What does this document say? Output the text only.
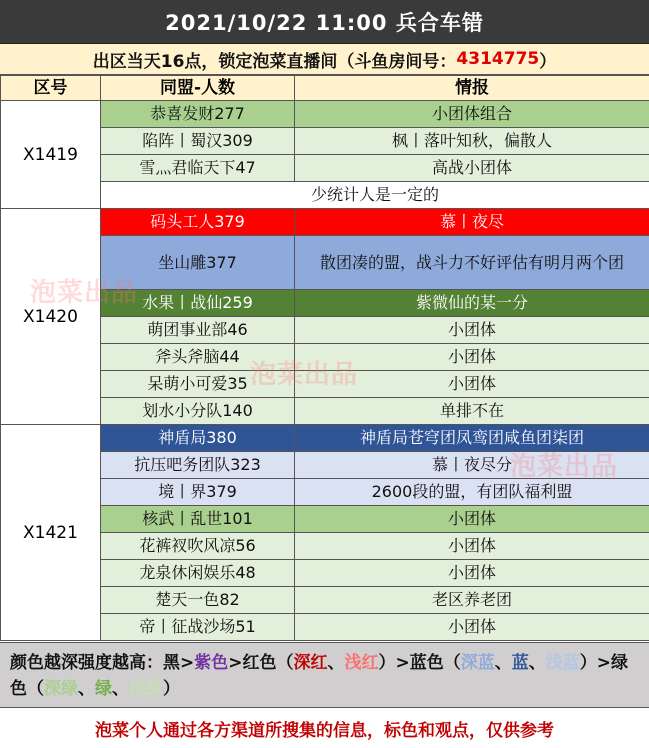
2021/10/22 11:00 兵合车错
出区当天16点，锁定泡菜直播间（斗鱼房间号： 4314775 ）
区号	同盟-人数	情报
X1419	恭喜发财277	小团体组合
	陷阵丨蜀汉309	枫丨落叶知秋，偏散人
	雪灬君临天下47	高战小团体
	少统计人是一定的	
X1420	码头工人379	慕丨夜尽
	坐山雕377	散团凑的盟，战斗力不好评估有明月两个团
	水果丨战仙259	紫微仙的某一分
	萌团事业部46	小团体
	斧头斧脑44	小团体
	呆萌小可爱35	小团体
	划水小分队140	单排不在
X1421	神盾局380	神盾局苍穹团凤鸾团咸鱼团柒团
	抗压吧务团队323	慕丨夜尽分
	境丨界379	2600段的盟，有团队福利盟
	核武丨乱世101	小团体
	花裤衩吹风凉56	小团体
	龙泉休闲娱乐48	小团体
	楚天一色82	老区养老团
	帝丨征战沙场51	小团体
颜色越深强度越高：黑>紫色>红色（深红、浅红）>蓝色（深蓝、蓝、浅蓝）>绿色（深绿、绿、浅绿）
泡菜个人通过各方渠道所搜集的信息，标色和观点，仅供参考
泡菜出品
泡菜出品
泡菜出品
